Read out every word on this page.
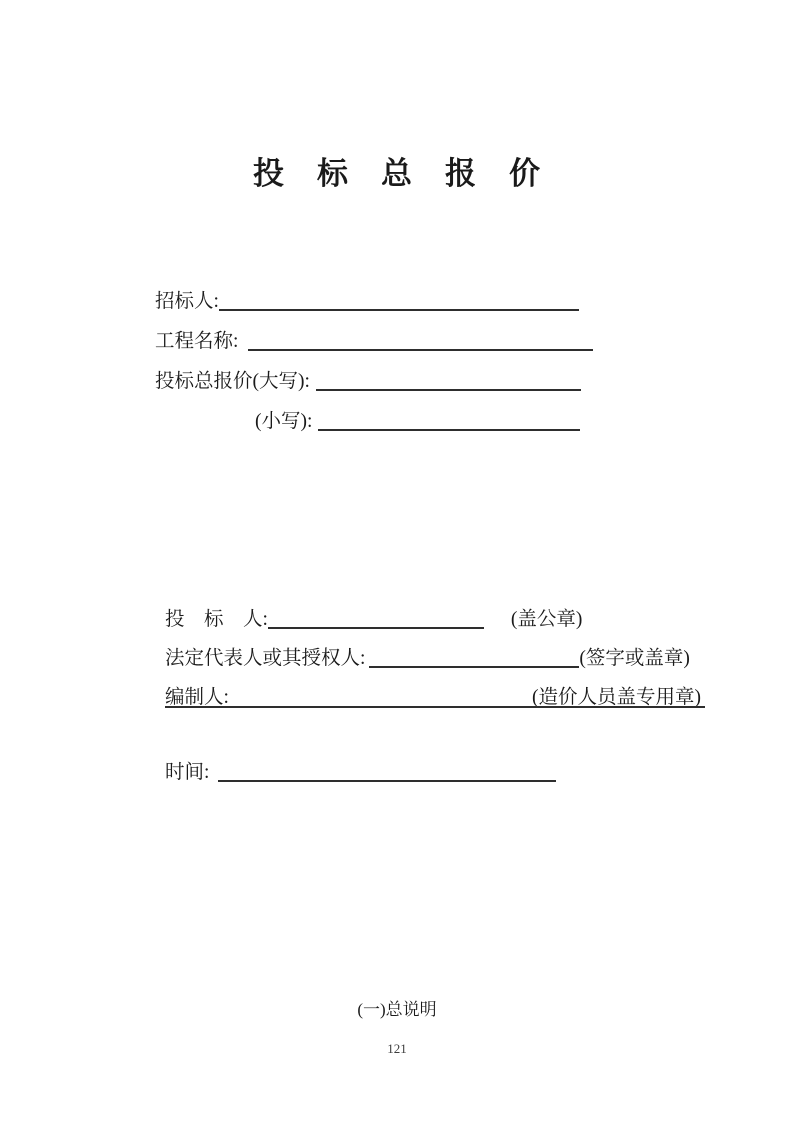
投　标　总　报　价
招标人:
工程名称:
投标总报价(大写):
(小写):
投　标　人:	(盖公章)
法定代表人或其授权人:	(签字或盖章)
编制人:	(造价人员盖专用章)
时间:
(一)总说明
121
